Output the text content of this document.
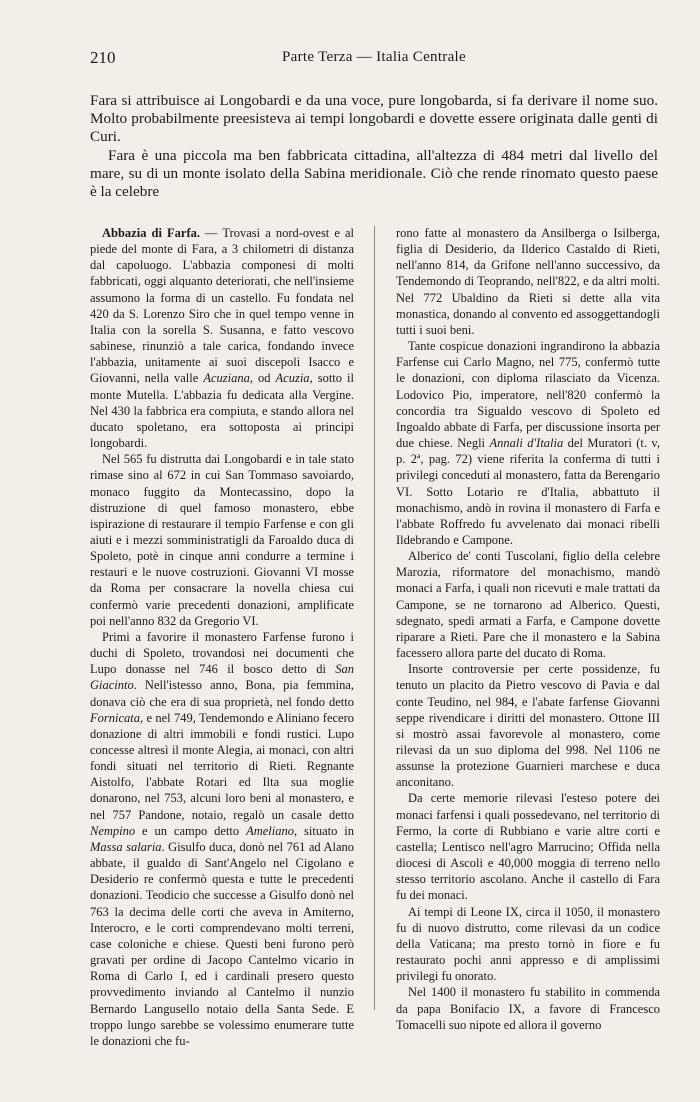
210	Parte Terza — Italia Centrale

Fara si attribuisce ai Longobardi e da una voce, pure longobarda, si fa derivare il nome suo. Molto probabilmente preesisteva ai tempi longobardi e dovette essere originata dalle genti di Curi.

Fara è una piccola ma ben fabbricata cittadina, all'altezza di 484 metri dal livello del mare, su di un monte isolato della Sabina meridionale. Ciò che rende rinomato questo paese è la celebre

Abbazia di Farfa. — Trovasi a nord-ovest e al piede del monte di Fara, a 3 chilometri di distanza dal capoluogo. L'abbazia componesi di molti fabbricati, oggi alquanto deteriorati, che nell'insieme assumono la forma di un castello. Fu fondata nel 420 da S. Lorenzo Siro che in quel tempo venne in Italia con la sorella S. Susanna, e fatto vescovo sabinese, rinunziò a tale carica, fondando invece l'abbazia, unitamente ai suoi discepoli Isacco e Giovanni, nella valle Acuziana, od Acuzia, sotto il monte Mutella. L'abbazia fu dedicata alla Vergine. Nel 430 la fabbrica era compiuta, e stando allora nel ducato spoletano, era sottoposta ai principi longobardi.

Nel 565 fu distrutta dai Longobardi e in tale stato rimase sino al 672 in cui San Tommaso savoiardo, monaco fuggito da Montecassino, dopo la distruzione di quel famoso monastero, ebbe ispirazione di restaurare il tempio Farfense e con gli aiuti e i mezzi somministratigli da Faroaldo duca di Spoleto, potè in cinque anni condurre a termine i restauri e le nuove costruzioni. Giovanni VI mosse da Roma per consacrare la novella chiesa cui confermò varie precedenti donazioni, amplificate poi nell'anno 832 da Gregorio VI.

Primi a favorire il monastero Farfense furono i duchi di Spoleto, trovandosi nei documenti che Lupo donasse nel 746 il bosco detto di San Giacinto. Nell'istesso anno, Bona, pia femmina, donava ciò che era di sua proprietà, nel fondo detto Fornicata, e nel 749, Tendemondo e Aliniano fecero donazione di altri immobili e fondi rustici. Lupo concesse altresì il monte Alegia, ai monaci, con altri fondi situati nel territorio di Rieti. Regnante Aistolfo, l'abbate Rotari ed Ilta sua moglie donarono, nel 753, alcuni loro beni al monastero, e nel 757 Pandone, notaio, regalò un casale detto Nempino e un campo detto Ameliano, situato in Massa salaria. Gisulfo duca, donò nel 761 ad Alano abbate, il gualdo di Sant'Angelo nel Cigolano e Desiderio re confermò questa e tutte le precedenti donazioni. Teodicio che successe a Gisulfo donò nel 763 la decima delle corti che aveva in Amiterno, Interocro, e le corti comprendevano molti terreni, case coloniche e chiese. Questi beni furono però gravati per ordine di Jacopo Cantelmo vicario in Roma di Carlo I, ed i cardinali presero questo provvedimento inviando al Cantelmo il nunzio Bernardo Langusello notaio della Santa Sede. E troppo lungo sarebbe se volessimo enumerare tutte le donazioni che fu-

rono fatte al monastero da Ansilberga o Isilberga, figlia di Desiderio, da Ilderico Castaldo di Rieti, nell'anno 814, da Grifone nell'anno successivo, da Tendemondo di Teoprando, nell'822, e da altri molti. Nel 772 Ubaldino da Rieti si dette alla vita monastica, donando al convento ed assoggettandogli tutti i suoi beni.

Tante cospicue donazioni ingrandirono la abbazia Farfense cui Carlo Magno, nel 775, confermò tutte le donazioni, con diploma rilasciato da Vicenza. Lodovico Pio, imperatore, nell'820 confermò la concordia tra Sigualdo vescovo di Spoleto ed Ingoaldo abbate di Farfa, per discussione insorta per due chiese. Negli Annali d'Italia del Muratori (t. v, p. 2ª, pag. 72) viene riferita la conferma di tutti i privilegi conceduti al monastero, fatta da Berengario VI. Sotto Lotario re d'Italia, abbattuto il monachismo, andò in rovina il monastero di Farfa e l'abbate Roffredo fu avvelenato dai monaci ribelli Ildebrando e Campone.

Alberico de' conti Tuscolani, figlio della celebre Marozia, riformatore del monachismo, mandò monaci a Farfa, i quali non ricevuti e male trattati da Campone, se ne tornarono ad Alberico. Questi, sdegnato, spedì armati a Farfa, e Campone dovette riparare a Rieti. Pare che il monastero e la Sabina facessero allora parte del ducato di Roma.

Insorte controversie per certe possidenze, fu tenuto un placito da Pietro vescovo di Pavia e dal conte Teudino, nel 984, e l'abate farfense Giovanni seppe rivendicare i diritti del monastero. Ottone III si mostrò assai favorevole al monastero, come rilevasi da un suo diploma del 998. Nel 1106 ne assunse la protezione Guarnieri marchese e duca anconitano.

Da certe memorie rilevasi l'esteso potere dei monaci farfensi i quali possedevano, nel territorio di Fermo, la corte di Rubbiano e varie altre corti e castella; Lentisco nell'agro Marrucino; Offida nella diocesi di Ascoli e 40,000 moggia di terreno nello stesso territorio ascolano. Anche il castello di Fara fu dei monaci.

Ai tempi di Leone IX, circa il 1050, il monastero fu di nuovo distrutto, come rilevasi da un codice della Vaticana; ma presto tornò in fiore e fu restaurato pochi anni appresso e di amplissimi privilegi fu onorato.

Nel 1400 il monastero fu stabilito in commenda da papa Bonifacio IX, a favore di Francesco Tomacelli suo nipote ed allora il governo
